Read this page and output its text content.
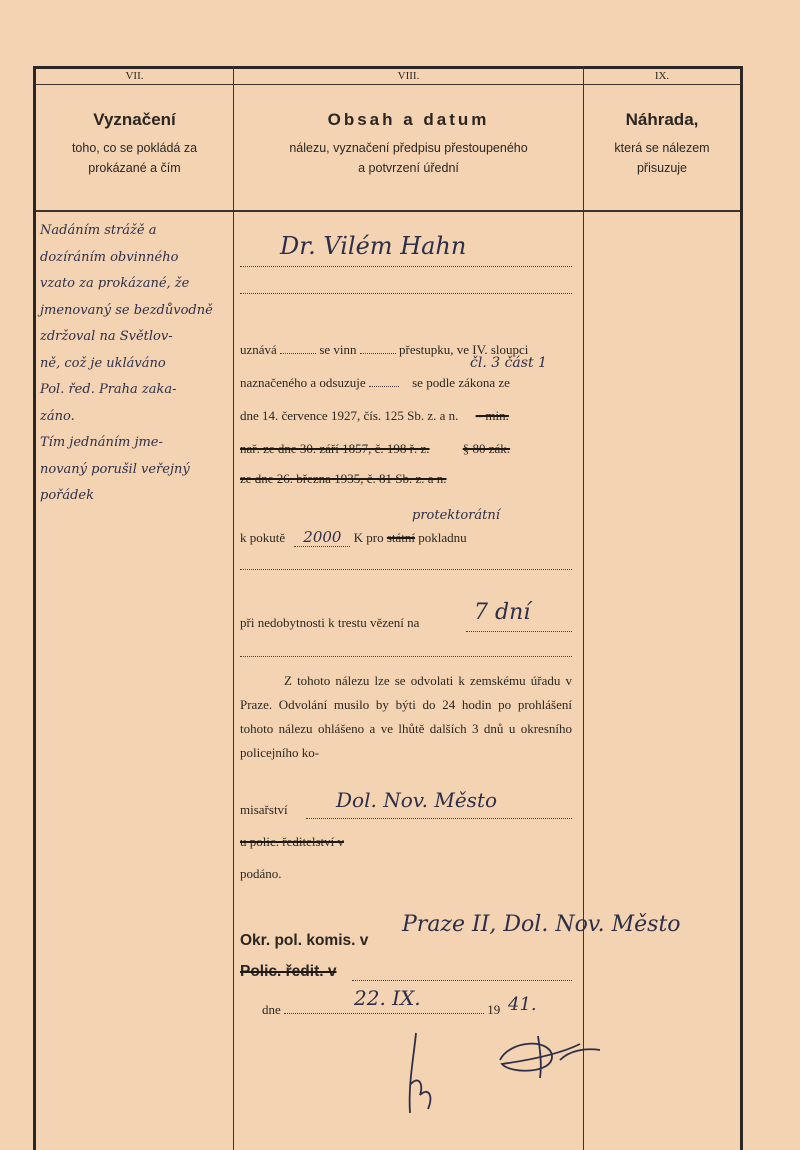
VII.	VIII.	IX.
Vyznačení
toho, co se pokládá za
prokázané a čím
Obsah a datum
nálezu, vyznačení předpisu přestoupeného
a potvrzení úřední
Náhrada,
která se nálezem
přisuzuje
Nadáním strážě a
dozíráním obvinného
vzato za prokázané, že
jmenovaný se bezdůvodně
zdržoval na Světlov-
ně, což je ukláváno
Pol. řed. Praha zaka-
záno.
Tím jednáním jme-
novaný porušil veřejný
pořádek
Dr. Vilém Hahn
uznává	se vinn	přestupku, ve IV. sloupci
čl. 3 část 1
naznačeného a odsuzuje	se podle zákona ze
dne 14. července 1927, čís. 125 Sb. z. a n. – min.
nař. ze dne 30. září 1857, č. 198 ř. z.	§ 80 zák.
ze dne 26. března 1935, č. 81 Sb. z. a n.
k pokutě 2000 K pro státní pokladnu
protektorátní
při nedobytnosti k trestu vězení na	7 dní
Z tohoto nálezu lze se odvolati k zemskému úřadu v Praze. Odvolání musilo by býti do 24 hodin po prohlášení tohoto nálezu ohlášeno a ve lhůtě dalších 3 dnů u okresního policejního ko-
misařství	Dol. Nov. Město
u polic. ředitelství v
podáno.
Okr. pol. komis. v
Praze II, Dol. Nov. Město
Polic. ředit. v
dne	19
22. IX.	41.
